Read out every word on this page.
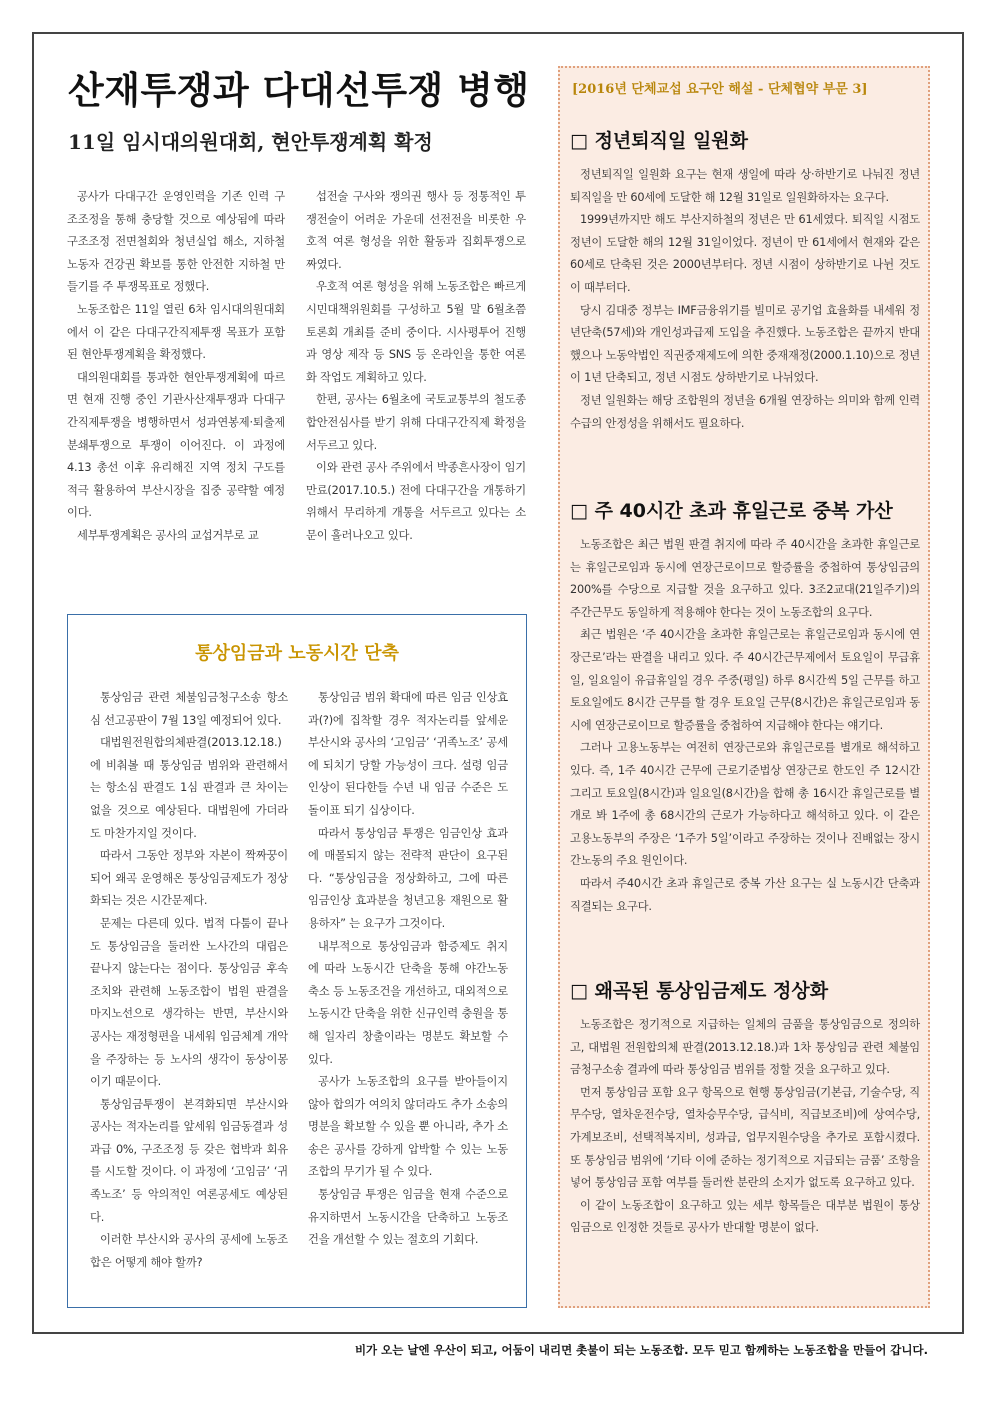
산재투쟁과 다대선투쟁 병행
11일 임시대의원대회, 현안투쟁계획 확정

공사가 다대구간 운영인력을 기존 인력 구조조정을 통해 충당할 것으로 예상됨에 따라 구조조정 전면철회와 청년실업 해소, 지하철노동자 건강권 확보를 통한 안전한 지하철 만들기를 주 투쟁목표로 정했다.

노동조합은 11일 열린 6차 임시대의원대회에서 이 같은 다대구간직제투쟁 목표가 포함된 현안투쟁계획을 확정했다.

대의원대회를 통과한 현안투쟁계획에 따르면 현재 진행 중인 기관사산재투쟁과 다대구간직제투쟁을 병행하면서 성과연봉제·퇴출제 분쇄투쟁으로 투쟁이 이어진다. 이 과정에 4.13 총선 이후 유리해진 지역 정치 구도를 적극 활용하여 부산시장을 집중 공략할 예정이다.

세부투쟁계획은 공사의 교섭거부로 교

섭전술 구사와 쟁의권 행사 등 정통적인 투쟁전술이 어려운 가운데 선전전을 비롯한 우호적 여론 형성을 위한 활동과 집회투쟁으로 짜였다.

우호적 여론 형성을 위해 노동조합은 빠르게 시민대책위원회를 구성하고 5월 말 6월초쯤 토론회 개최를 준비 중이다. 시사평투어 진행과 영상 제작 등 SNS 등 온라인을 통한 여론화 작업도 계획하고 있다.

한편, 공사는 6월초에 국토교통부의 철도종합안전심사를 받기 위해 다대구간직제 확정을 서두르고 있다.

이와 관련 공사 주위에서 박종흔사장이 임기 만료(2017.10.5.) 전에 다대구간을 개통하기 위해서 무리하게 개통을 서두르고 있다는 소문이 흘러나오고 있다.

통상임금과 노동시간 단축

통상임금 관련 체불임금청구소송 항소심 선고공판이 7월 13일 예정되어 있다.

대법원전원합의체판결(2013.12.18.)에 비춰볼 때 통상임금 범위와 관련해서는 항소심 판결도 1심 판결과 큰 차이는 없을 것으로 예상된다. 대법원에 가더라도 마찬가지일 것이다.

따라서 그동안 정부와 자본이 짝짜꿍이 되어 왜곡 운영해온 통상임금제도가 정상화되는 것은 시간문제다.

문제는 다른데 있다. 법적 다툼이 끝나도 통상임금을 둘러싼 노사간의 대립은 끝나지 않는다는 점이다. 통상임금 후속조치와 관련해 노동조합이 법원 판결을 마지노선으로 생각하는 반면, 부산시와 공사는 재정형편을 내세워 임금체계 개악을 주장하는 등 노사의 생각이 동상이몽이기 때문이다.

통상임금투쟁이 본격화되면 부산시와 공사는 적자논리를 앞세워 임금동결과 성과급 0%, 구조조정 등 갖은 협박과 회유를 시도할 것이다. 이 과정에 ‘고임금’ ‘귀족노조’ 등 악의적인 여론공세도 예상된다.

이러한 부산시와 공사의 공세에 노동조합은 어떻게 해야 할까?

통상임금 범위 확대에 따른 임금 인상효과(?)에 집착할 경우 적자논리를 앞세운 부산시와 공사의 ‘고임금’ ‘귀족노조’ 공세에 되치기 당할 가능성이 크다. 설령 임금 인상이 된다한들 수년 내 임금 수준은 도돌이표 되기 십상이다.

따라서 통상임금 투쟁은 임금인상 효과에 매몰되지 않는 전략적 판단이 요구된다. “통상임금을 정상화하고, 그에 따른 임금인상 효과분을 청년고용 재원으로 활용하자” 는 요구가 그것이다.

내부적으로 통상임금과 함증제도 취지에 따라 노동시간 단축을 통해 야간노동 축소 등 노동조건을 개선하고, 대외적으로 노동시간 단축을 위한 신규인력 충원을 통해 일자리 창출이라는 명분도 확보할 수 있다.

공사가 노동조합의 요구를 받아들이지 않아 합의가 여의치 않더라도 추가 소송의 명분을 확보할 수 있을 뿐 아니라, 추가 소송은 공사를 강하게 압박할 수 있는 노동조합의 무기가 될 수 있다.

통상임금 투쟁은 임금을 현재 수준으로 유지하면서 노동시간을 단축하고 노동조건을 개선할 수 있는 절호의 기회다.

[2016년 단체교섭 요구안 해설 - 단체협약 부문 3]
□ 정년퇴직일 일원화

정년퇴직일 일원화 요구는 현재 생일에 따라 상·하반기로 나눠진 정년퇴직일을 만 60세에 도달한 해 12월 31일로 일원화하자는 요구다.

1999년까지만 해도 부산지하철의 정년은 만 61세였다. 퇴직일 시점도 정년이 도달한 해의 12월 31일이었다. 정년이 만 61세에서 현재와 같은 60세로 단축된 것은 2000년부터다. 정년 시점이 상하반기로 나뉜 것도 이 때부터다.

당시 김대중 정부는 IMF금융위기를 빌미로 공기업 효율화를 내세워 정년단축(57세)와 개인성과급제 도입을 추진했다. 노동조합은 끝까지 반대했으나 노동악법인 직권중재제도에 의한 중재재정(2000.1.10)으로 정년이 1년 단축되고, 정년 시점도 상하반기로 나뉘었다.

정년 일원화는 해당 조합원의 정년을 6개월 연장하는 의미와 함께 인력 수급의 안정성을 위해서도 필요하다.

□ 주 40시간 초과 휴일근로 중복 가산

노동조합은 최근 법원 판결 취지에 따라 주 40시간을 초과한 휴일근로는 휴일근로임과 동시에 연장근로이므로 할증률을 중첩하여 통상임금의 200%를 수당으로 지급할 것을 요구하고 있다. 3조2교대(21일주기)의 주간근무도 동일하게 적용해야 한다는 것이 노동조합의 요구다.

최근 법원은 ‘주 40시간을 초과한 휴일근로는 휴일근로임과 동시에 연장근로’라는 판결을 내리고 있다. 주 40시간근무제에서 토요일이 무급휴일, 일요일이 유급휴일일 경우 주중(평일) 하루 8시간씩 5일 근무를 하고 토요일에도 8시간 근무를 할 경우 토요일 근무(8시간)은 휴일근로임과 동시에 연장근로이므로 할증률을 중첩하여 지급해야 한다는 얘기다.

그러나 고용노동부는 여전히 연장근로와 휴일근로를 별개로 해석하고 있다. 즉, 1주 40시간 근무에 근로기준법상 연장근로 한도인 주 12시간 그리고 토요일(8시간)과 일요일(8시간)을 합해 총 16시간 휴일근로를 별개로 봐 1주에 총 68시간의 근로가 가능하다고 해석하고 있다. 이 같은 고용노동부의 주장은 ‘1주가 5일’이라고 주장하는 것이나 진배없는 장시간노동의 주요 원인이다.

따라서 주40시간 초과 휴일근로 중복 가산 요구는 실 노동시간 단축과 직결되는 요구다.

□ 왜곡된 통상임금제도 정상화

노동조합은 정기적으로 지급하는 일체의 금품을 통상임금으로 정의하고, 대법원 전원합의체 판결(2013.12.18.)과 1차 통상임금 관련 체불임금청구소송 결과에 따라 통상임금 범위를 정할 것을 요구하고 있다.

먼저 통상임금 포함 요구 항목으로 현행 통상임금(기본급, 기술수당, 직무수당, 열차운전수당, 열차승무수당, 급식비, 직급보조비)에 상여수당, 가계보조비, 선택적복지비, 성과급, 업무지원수당을 추가로 포함시켰다. 또 통상임금 범위에 ‘기타 이에 준하는 정기적으로 지급되는 금품’ 조항을 넣어 통상임금 포함 여부를 둘러싼 분란의 소지가 없도록 요구하고 있다.

이 같이 노동조합이 요구하고 있는 세부 항목들은 대부분 법원이 통상임금으로 인정한 것들로 공사가 반대할 명분이 없다.

비가 오는 날엔 우산이 되고, 어둠이 내리면 촛불이 되는 노동조합. 모두 믿고 함께하는 노동조합을 만들어 갑니다.
